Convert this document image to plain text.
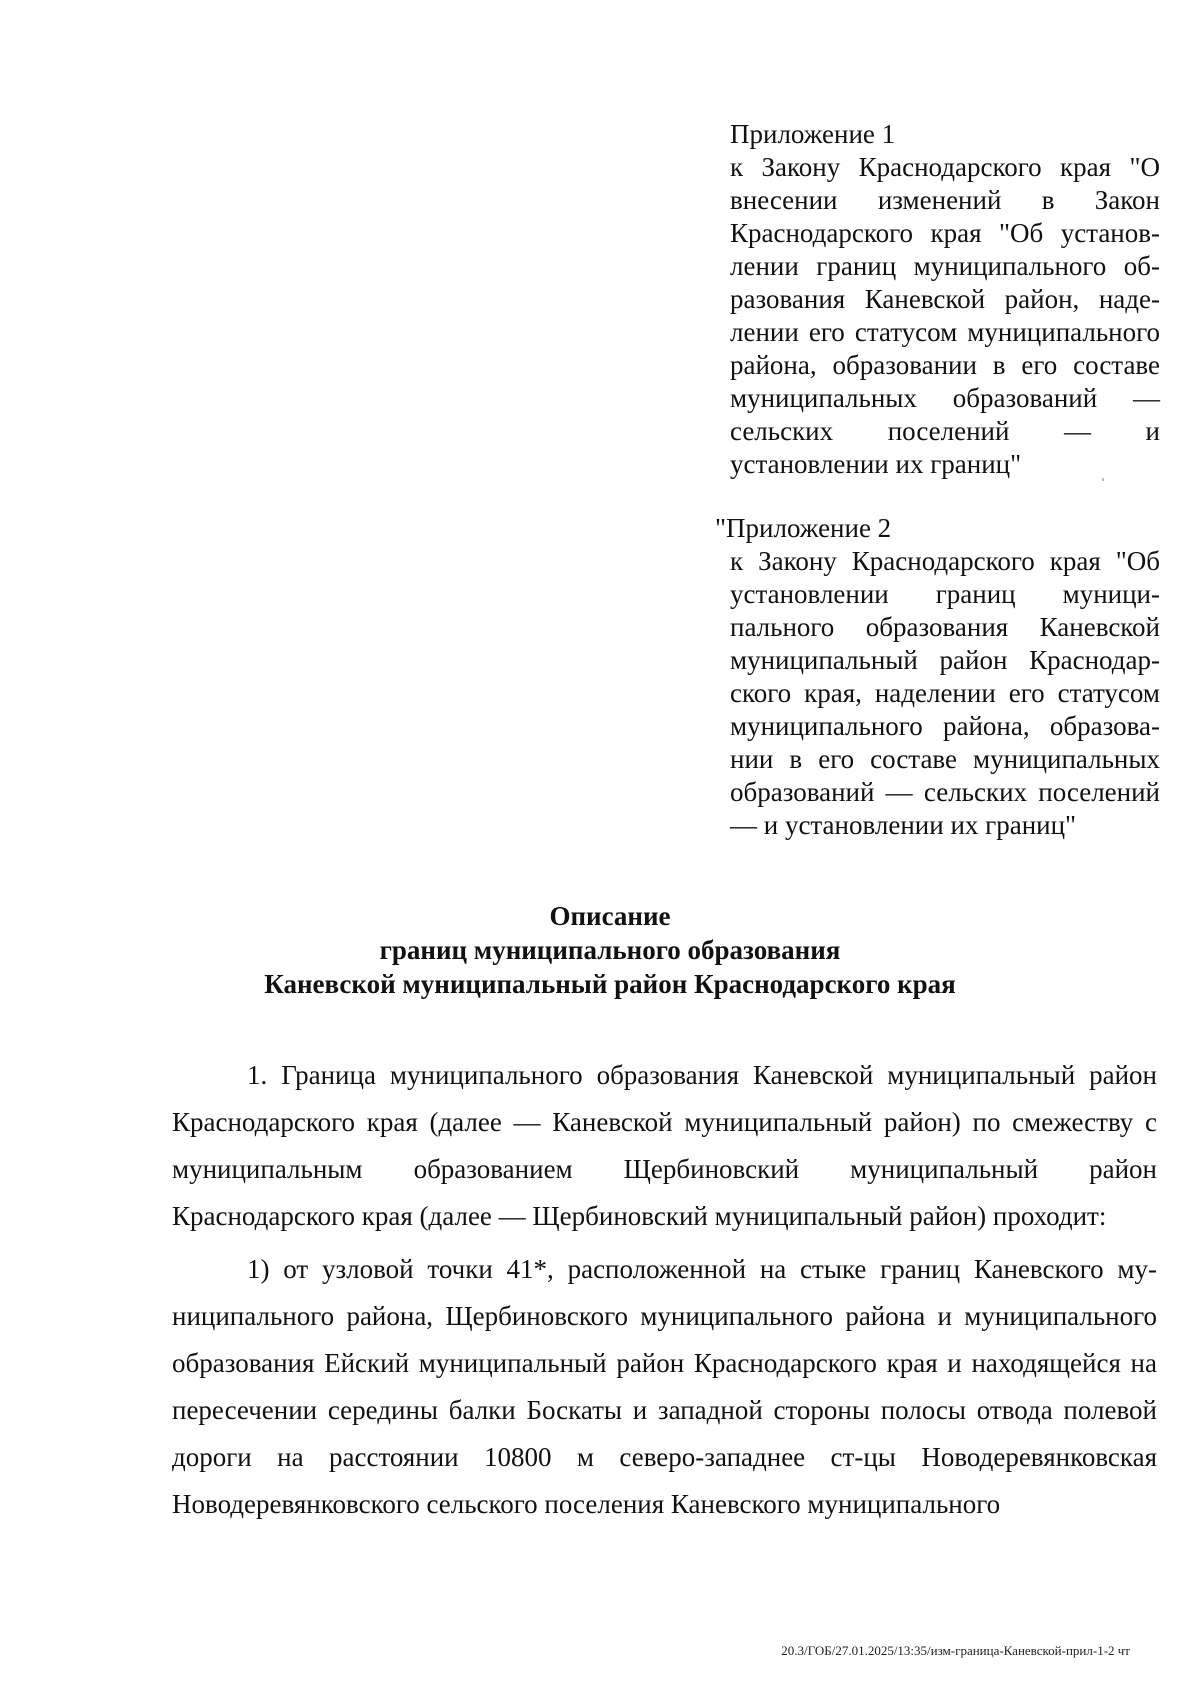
Приложение 1
к Закону Краснодарского края "О внесении изменений в Закон Краснодарского края "Об установлении границ муниципального образования Каневской район, наделении его статусом муниципального района, образовании в его составе муниципальных образований — сельских поселений — и установлении их границ"
"Приложение 2
к Закону Краснодарского края "Об установлении границ муниципального образования Каневской муниципальный район Краснодарского края, наделении его статусом муниципального района, образовании в его составе муниципальных образований — сельских поселений — и установлении их границ"
Описание
границ муниципального образования
Каневской муниципальный район Краснодарского края

1. Граница муниципального образования Каневской муниципальный район Краснодарского края (далее — Каневской муниципальный район) по смежеству с муниципальным образованием Щербиновский муниципальный район Краснодарского края (далее — Щербиновский муниципальный район) проходит:

1) от узловой точки 41*, расположенной на стыке границ Каневского муниципального района, Щербиновского муниципального района и муниципального образования Ейский муниципальный район Краснодарского края и находящейся на пересечении середины балки Боскаты и западной стороны полосы отвода полевой дороги на расстоянии 10800 м северо-западнее ст-цы Новодеревянковская Новодеревянковского сельского поселения Каневского муниципального

20.3/ГОБ/27.01.2025/13:35/изм-граница-Каневской-прил-1-2 чт
